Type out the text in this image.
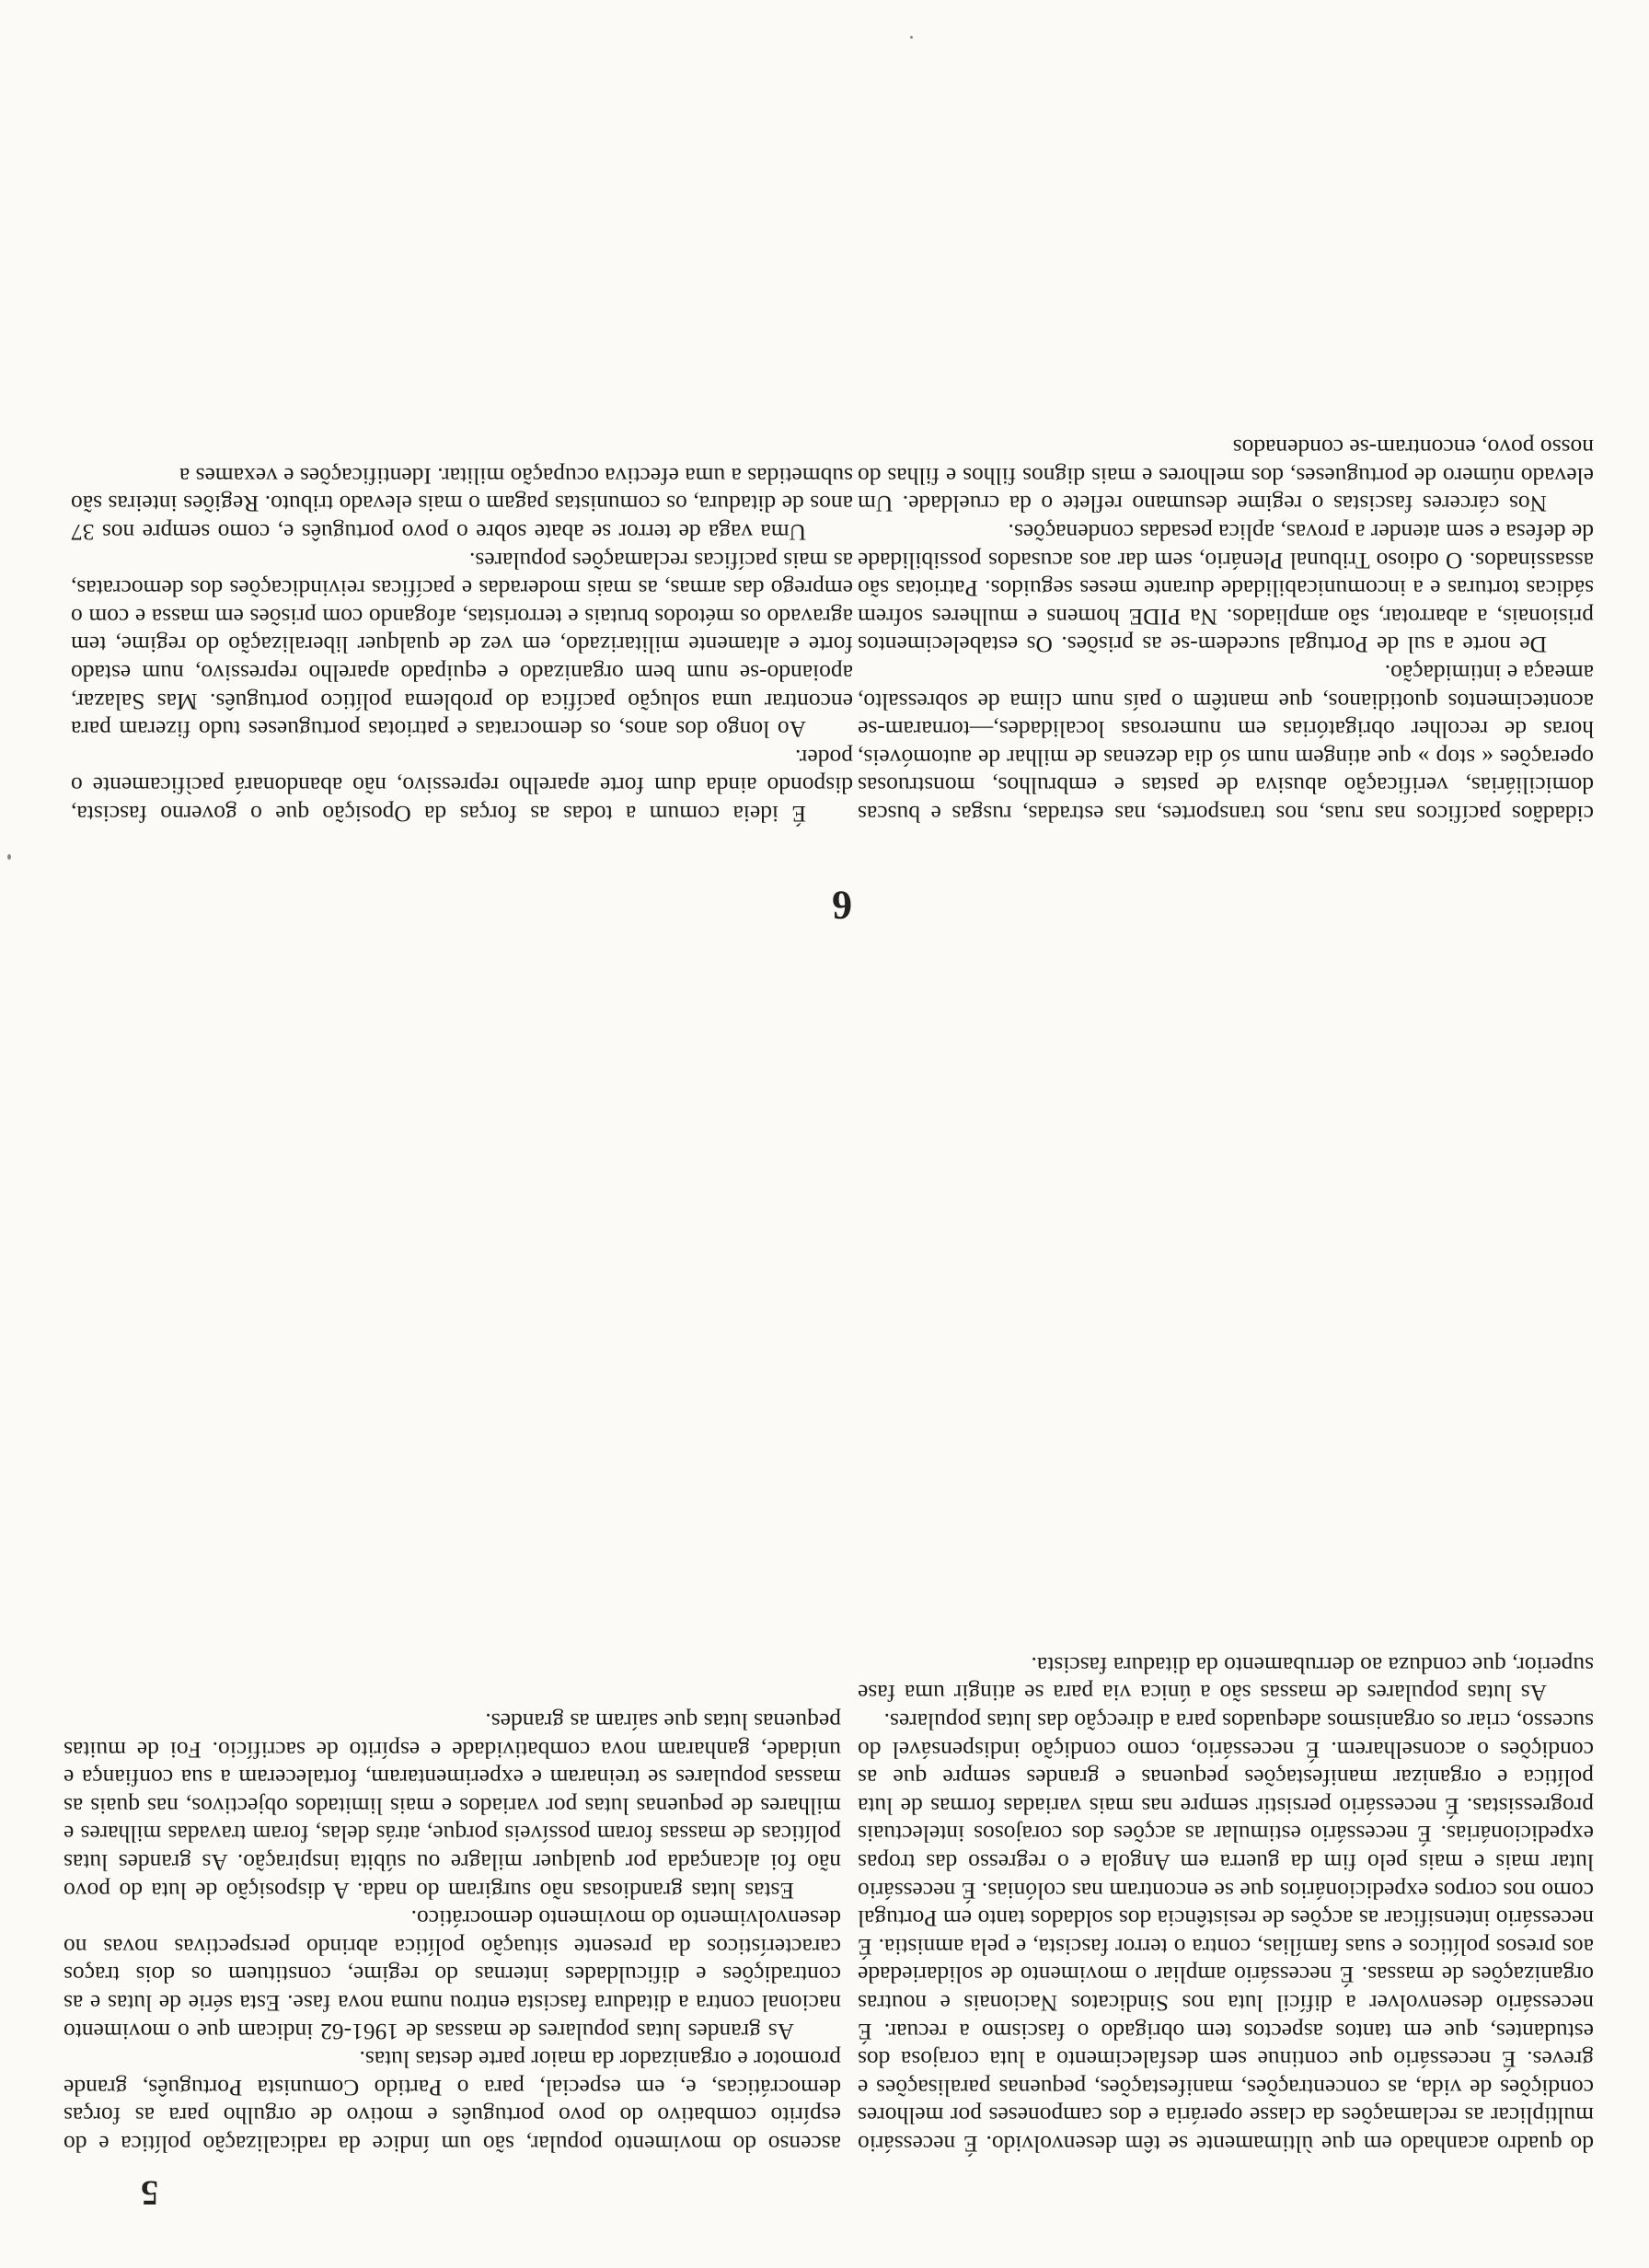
5

ascenso do movimento popular, são um índice da radicalização política e do espírito combativo do povo português e motivo de orgulho para as forças democráticas, e, em especial, para o Partido Comunista Português, grande promotor e organizador da maior parte destas lutas.

As grandes lutas populares de massas de 1961-62 indicam que o movimento nacional contra a ditadura fascista entrou numa nova fase. Esta série de lutas e as contradições e dificuldades internas do regime, constituem os dois traços característicos da presente situação política abrindo perspectivas novas no desenvolvimento do movimento democrático.

Estas lutas grandiosas não surgiram do nada. A disposição de luta do povo não foi alcançada por qualquer milagre ou súbita inspiração. As grandes lutas políticas de massas foram possíveis porque, atrás delas, foram travadas milhares e milhares de pequenas lutas por variados e mais limitados objectivos, nas quais as massas populares se treinaram e experimentaram, fortaleceram a sua confiança e unidade, ganharam nova combatividade e espírito de sacrifício. Foi de muitas pequenas lutas que saíram as grandes.

do quadro acanhado em que ùltimamente se têm desenvolvido. É necessário multiplicar as reclamações da classe operária e dos camponeses por melhores condições de vida, as concentrações, manifestações, pequenas paralisações e greves. É necessário que continue sem desfalecimento a luta corajosa dos estudantes, que em tantos aspectos tem obrigado o fascismo a recuar. É necessário desenvolver a difícil luta nos Sindicatos Nacionais e noutras organizações de massas. É necessário ampliar o movimento de solidariedade aos presos políticos e suas famílias, contra o terror fascista, e pela amnistia. É necessário intensificar as acções de resistência dos soldados tanto em Portugal como nos corpos expedicionários que se encontram nas colónias. É necessário lutar mais e mais pelo fim da guerra em Angola e o regresso das tropas expedicionárias. É necessário estimular as acções dos corajosos intelectuais progressistas. É necessário persistir sempre nas mais variadas formas de luta política e organizar manifestações pequenas e grandes sempre que as condições o aconselharem. É necessário, como condição indispensável do sucesso, criar os organismos adequados para a direcção das lutas populares.

As lutas populares de massas são a única via para se atingir uma fase superior, que conduza ao derrubamento da ditadura fascista.

6

É ideia comum a todas as forças da Oposição que o governo fascista, dispondo ainda dum forte aparelho repressivo, não abandonará pacìficamente o poder.

Ao longo dos anos, os democratas e patriotas portugueses tudo fizeram para encontrar uma solução pacífica do problema político português. Mas Salazar, apoiando-se num bem organizado e equipado aparelho repressivo, num estado forte e altamente militarizado, em vez de qualquer liberalização do regime, tem agravado os métodos brutais e terroristas, afogando com prisões em massa e com o emprego das armas, as mais moderadas e pacíficas reivindicações dos democratas, as mais pacíficas reclamações populares.

Uma vaga de terror se abate sobre o povo português e, como sempre nos 37 anos de ditadura, os comunistas pagam o mais elevado tributo. Regiões inteiras são submetidas a uma efectiva ocupação militar. Identificações e vexames a

cidadãos pacíficos nas ruas, nos transportes, nas estradas, rusgas e buscas domiciliárias, verificação abusiva de pastas e embrulhos, monstruosas operações « stop » que atingem num só dia dezenas de milhar de automóveis, horas de recolher obrigatórias em numerosas localidades,—tornaram-se acontecimentos quotidianos, que mantêm o país num clima de sobressalto, ameaça e intimidação.

De norte a sul de Portugal sucedem-se as prisões. Os estabelecimentos prisionais, a abarrotar, são ampliados. Na PIDE homens e mulheres sofrem sádicas torturas e a incomunicabilidade durante meses seguidos. Patriotas são assassinados. O odioso Tribunal Plenário, sem dar aos acusados possibilidade de defesa e sem atender a provas, aplica pesadas condenações.

Nos cárceres fascistas o regime desumano reflete o da crueldade. Um elevado número de portugueses, dos melhores e mais dignos filhos e filhas do nosso povo, encontram-se condenados
